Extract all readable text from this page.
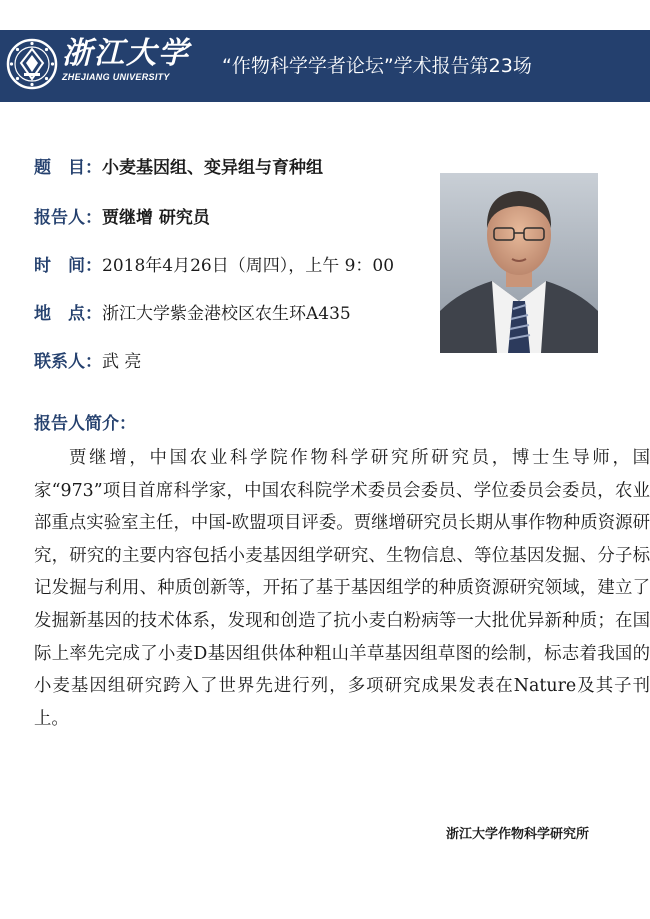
浙江大学
ZHEJIANG UNIVERSITY	“作物科学学者论坛”学术报告第23场
题　目：小麦基因组、变异组与育种组
报告人：贾继增 研究员
时　间：2018年4月26日（周四），上午 9：00
地　点：浙江大学紫金港校区农生环A435
联系人：武 亮
报告人简介：
贾继增，中国农业科学院作物科学研究所研究员，博士生导师，国家“973”项目首席科学家，中国农科院学术委员会委员、学位委员会委员，农业部重点实验室主任，中国-欧盟项目评委。贾继增研究员长期从事作物种质资源研究，研究的主要内容包括小麦基因组学研究、生物信息、等位基因发掘、分子标记发掘与利用、种质创新等，开拓了基于基因组学的种质资源研究领域，建立了发掘新基因的技术体系，发现和创造了抗小麦白粉病等一大批优异新种质；在国际上率先完成了小麦D基因组供体种粗山羊草基因组草图的绘制，标志着我国的小麦基因组研究跨入了世界先进行列，多项研究成果发表在Nature及其子刊上。
浙江大学作物科学研究所
